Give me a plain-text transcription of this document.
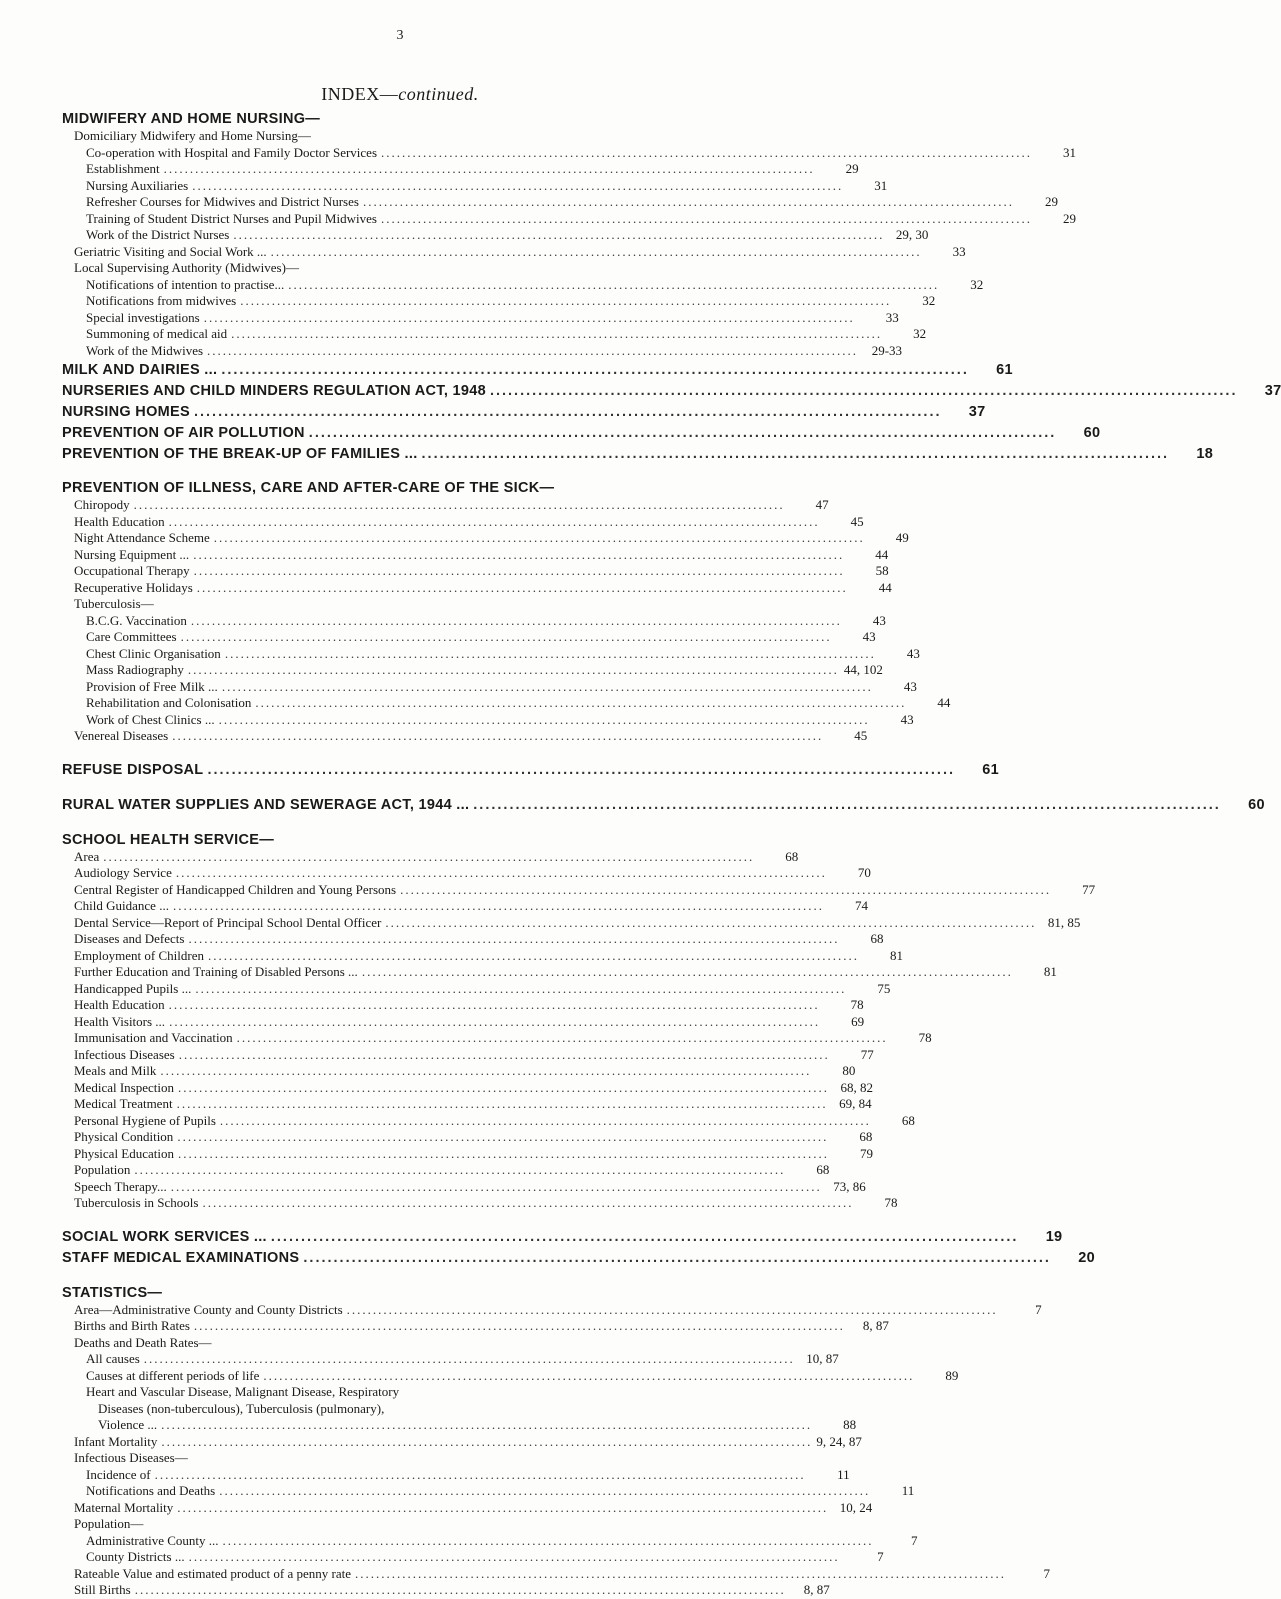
3
INDEX—continued.
MIDWIFERY AND HOME NURSING—
Domiciliary Midwifery and Home Nursing—
Co-operation with Hospital and Family Doctor Services ............................................................................................................................	31
Establishment ............................................................................................................................	29
Nursing Auxiliaries ............................................................................................................................	31
Refresher Courses for Midwives and District Nurses ............................................................................................................................	29
Training of Student District Nurses and Pupil Midwives ............................................................................................................................	29
Work of the District Nurses ............................................................................................................................ 29, 30
Geriatric Visiting and Social Work ... ............................................................................................................................	33
Local Supervising Authority (Midwives)—
Notifications of intention to practise... ............................................................................................................................	32
Notifications from midwives ............................................................................................................................	32
Special investigations ............................................................................................................................	33
Summoning of medical aid ............................................................................................................................	32
Work of the Midwives ............................................................................................................................	29-33
MILK AND DAIRIES ... ............................................................................................................................	61
NURSERIES AND CHILD MINDERS REGULATION ACT, 1948 ............................................................................................................................	37
NURSING HOMES ............................................................................................................................	37
PREVENTION OF AIR POLLUTION ............................................................................................................................	60
PREVENTION OF THE BREAK-UP OF FAMILIES ... ............................................................................................................................	18
PREVENTION OF ILLNESS, CARE AND AFTER-CARE OF THE SICK—
Chiropody ............................................................................................................................	47
Health Education ............................................................................................................................	45
Night Attendance Scheme ............................................................................................................................	49
Nursing Equipment ... ............................................................................................................................	44
Occupational Therapy ............................................................................................................................	58
Recuperative Holidays ............................................................................................................................	44
Tuberculosis—
B.C.G. Vaccination ............................................................................................................................	43
Care Committees ............................................................................................................................	43
Chest Clinic Organisation ............................................................................................................................	43
Mass Radiography ............................................................................................................................ 44, 102
Provision of Free Milk ... ............................................................................................................................	43
Rehabilitation and Colonisation ............................................................................................................................	44
Work of Chest Clinics ... ............................................................................................................................	43
Venereal Diseases ............................................................................................................................	45
REFUSE DISPOSAL ............................................................................................................................	61
RURAL WATER SUPPLIES AND SEWERAGE ACT, 1944 ... ............................................................................................................................	60
SCHOOL HEALTH SERVICE—
Area ............................................................................................................................	68
Audiology Service ............................................................................................................................	70
Central Register of Handicapped Children and Young Persons ............................................................................................................................	77
Child Guidance ... ............................................................................................................................	74
Dental Service—Report of Principal School Dental Officer ............................................................................................................................ 81, 85
Diseases and Defects ............................................................................................................................	68
Employment of Children ............................................................................................................................	81
Further Education and Training of Disabled Persons ... ............................................................................................................................	81
Handicapped Pupils ... ............................................................................................................................	75
Health Education ............................................................................................................................	78
Health Visitors ... ............................................................................................................................	69
Immunisation and Vaccination ............................................................................................................................	78
Infectious Diseases ............................................................................................................................	77
Meals and Milk ............................................................................................................................	80
Medical Inspection ............................................................................................................................ 68, 82
Medical Treatment ............................................................................................................................ 69, 84
Personal Hygiene of Pupils ............................................................................................................................	68
Physical Condition ............................................................................................................................	68
Physical Education ............................................................................................................................	79
Population ............................................................................................................................	68
Speech Therapy... ............................................................................................................................ 73, 86
Tuberculosis in Schools ............................................................................................................................	78
SOCIAL WORK SERVICES ... ............................................................................................................................	19
STAFF MEDICAL EXAMINATIONS ............................................................................................................................	20
STATISTICS—
Area—Administrative County and County Districts ............................................................................................................................	7
Births and Birth Rates ............................................................................................................................	8, 87
Deaths and Death Rates—
All causes ............................................................................................................................ 10, 87
Causes at different periods of life ............................................................................................................................	89
Heart and Vascular Disease, Malignant Disease, Respiratory
Diseases (non-tuberculous), Tuberculosis (pulmonary),
Violence ... ............................................................................................................................	88
Infant Mortality ............................................................................................................................ 9, 24, 87
Infectious Diseases—
Incidence of ............................................................................................................................	11
Notifications and Deaths ............................................................................................................................	11
Maternal Mortality ............................................................................................................................ 10, 24
Population—
Administrative County ... ............................................................................................................................	7
County Districts ... ............................................................................................................................	7
Rateable Value and estimated product of a penny rate ............................................................................................................................	7
Still Births ............................................................................................................................	8, 87
